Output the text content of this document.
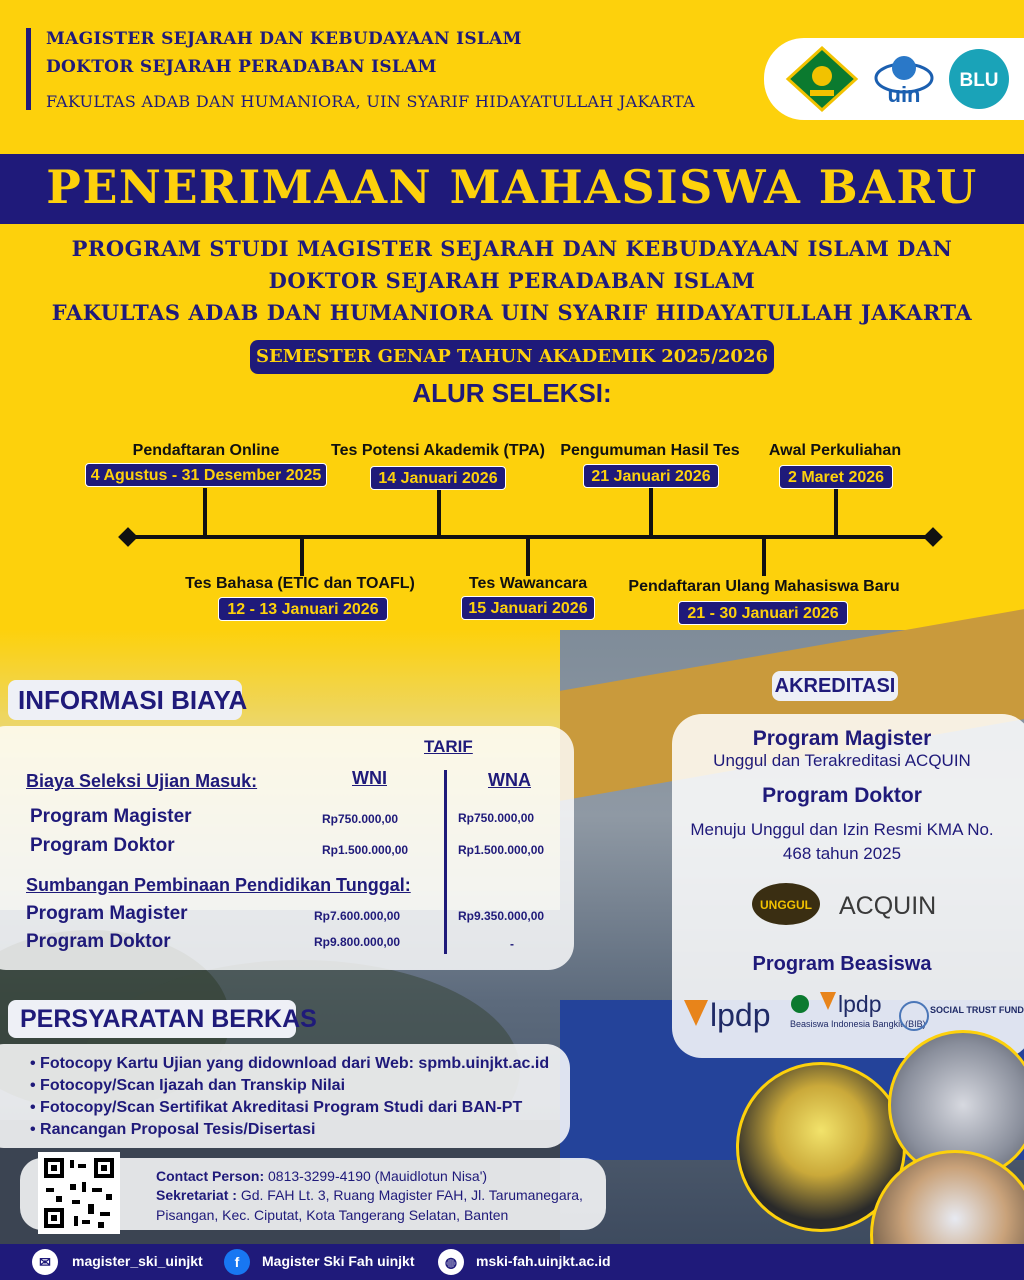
MAGISTER SEJARAH DAN KEBUDAYAAN ISLAM
DOKTOR SEJARAH PERADABAN ISLAM
FAKULTAS ADAB DAN HUMANIORA, UIN SYARIF HIDAYATULLAH JAKARTA	uin
BLU
PENERIMAAN MAHASISWA BARU
PROGRAM STUDI MAGISTER SEJARAH DAN KEBUDAYAAN ISLAM DAN
DOKTOR SEJARAH PERADABAN ISLAM
FAKULTAS ADAB DAN HUMANIORA UIN SYARIF HIDAYATULLAH JAKARTA
SEMESTER GENAP TAHUN AKADEMIK 2025/2026
ALUR SELEKSI:
Pendaftaran Online
4 Agustus - 31 Desember 2025
Tes Potensi Akademik (TPA)
14 Januari 2026
Pengumuman Hasil Tes
21 Januari 2026
Awal Perkuliahan
2 Maret 2026
Tes Bahasa (ETIC dan TOAFL)
12 - 13 Januari 2026
Tes Wawancara
15 Januari 2026
Pendaftaran Ulang Mahasiswa Baru
21 - 30 Januari 2026
INFORMASI BIAYA
TARIF
WNI	WNA
Biaya Seleksi Ujian Masuk:
Program Magister	Rp750.000,00	Rp750.000,00
Program Doktor	Rp1.500.000,00	Rp1.500.000,00
Sumbangan Pembinaan Pendidikan Tunggal:
Program Magister	Rp7.600.000,00	Rp9.350.000,00
Program Doktor	Rp9.800.000,00	-
AKREDITASI
Program Magister
Unggul dan Terakreditasi ACQUIN
Program Doktor
Menuju Unggul dan Izin Resmi KMA No.
468 tahun 2025
UNGGUL ACQUIN
Program Beasiswa
lpdp	lpdp
Beasiswa Indonesia Bangkit (BIB)
SOCIAL TRUST FUND
PERSYARATAN BERKAS
• Fotocopy Kartu Ujian yang didownload dari Web: spmb.uinjkt.ac.id
• Fotocopy/Scan Ijazah dan Transkip Nilai
• Fotocopy/Scan Sertifikat Akreditasi Program Studi dari BAN-PT
• Rancangan Proposal Tesis/Disertasi
Contact Person: 0813-3299-4190 (Mauidlotun Nisa')
Sekretariat : Gd. FAH Lt. 3, Ruang Magister FAH, Jl. Tarumanegara,
Pisangan, Kec. Ciputat, Kota Tangerang Selatan, Banten
✉	magister_ski_uinjkt	f	Magister Ski Fah uinjkt	◍	mski-fah.uinjkt.ac.id
